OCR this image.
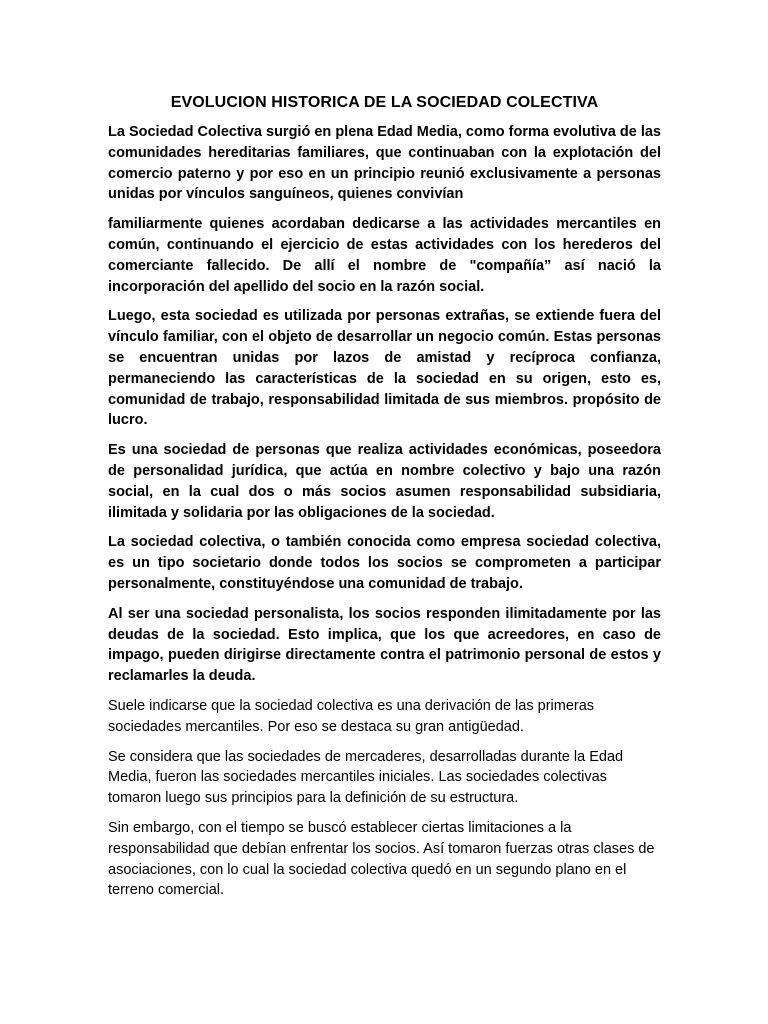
EVOLUCION HISTORICA DE LA SOCIEDAD COLECTIVA

La Sociedad Colectiva surgió en plena Edad Media, como forma evolutiva de las comunidades hereditarias familiares, que continuaban con la explotación del comercio paterno y por eso en un principio reunió exclusivamente a personas unidas por vínculos sanguíneos, quienes convivían

familiarmente quienes acordaban dedicarse a las actividades mercantiles en común, continuando el ejercicio de estas actividades con los herederos del comerciante fallecido. De allí el nombre de "compañía” así nació la incorporación del apellido del socio en la razón social.

Luego, esta sociedad es utilizada por personas extrañas, se extiende fuera del vínculo familiar, con el objeto de desarrollar un negocio común. Estas personas se encuentran unidas por lazos de amistad y recíproca confianza, permaneciendo las características de la sociedad en su origen, esto es, comunidad de trabajo, responsabilidad limitada de sus miembros. propósito de lucro.

Es una sociedad de personas que realiza actividades económicas, poseedora de personalidad jurídica, que actúa en nombre colectivo y bajo una razón social, en la cual dos o más socios asumen responsabilidad subsidiaria, ilimitada y solidaria por las obligaciones de la sociedad.

La sociedad colectiva, o también conocida como empresa sociedad colectiva, es un tipo societario donde todos los socios se comprometen a participar personalmente, constituyéndose una comunidad de trabajo.

Al ser una sociedad personalista, los socios responden ilimitadamente por las deudas de la sociedad. Esto implica, que los que acreedores, en caso de impago, pueden dirigirse directamente contra el patrimonio personal de estos y reclamarles la deuda.

Suele indicarse que la sociedad colectiva es una derivación de las primeras sociedades mercantiles. Por eso se destaca su gran antigüedad.

Se considera que las sociedades de mercaderes, desarrolladas durante la Edad Media, fueron las sociedades mercantiles iniciales. Las sociedades colectivas tomaron luego sus principios para la definición de su estructura.

Sin embargo, con el tiempo se buscó establecer ciertas limitaciones a la responsabilidad que debían enfrentar los socios. Así tomaron fuerzas otras clases de asociaciones, con lo cual la sociedad colectiva quedó en un segundo plano en el terreno comercial.
